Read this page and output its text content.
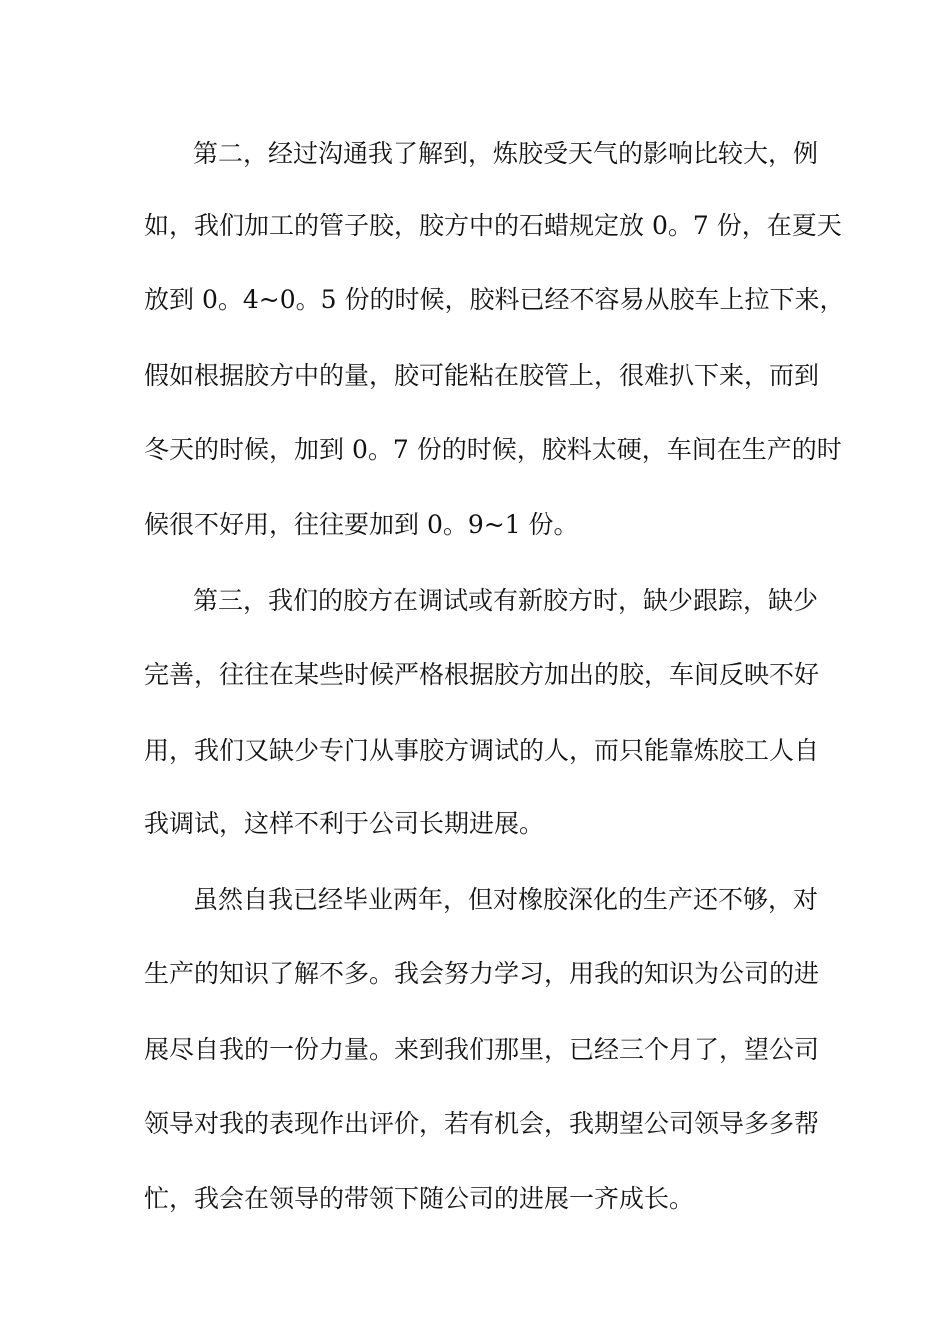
第二，经过沟通我了解到，炼胶受天气的影响比较大，例
如，我们加工的管子胶，胶方中的石蜡规定放 0。7 份，在夏天
放到 0。4~0。5 份的时候，胶料已经不容易从胶车上拉下来，
假如根据胶方中的量，胶可能粘在胶管上，很难扒下来，而到
冬天的时候，加到 0。7 份的时候，胶料太硬，车间在生产的时
候很不好用，往往要加到 0。9~1 份。
第三，我们的胶方在调试或有新胶方时，缺少跟踪，缺少
完善，往往在某些时候严格根据胶方加出的胶，车间反映不好
用，我们又缺少专门从事胶方调试的人，而只能靠炼胶工人自
我调试，这样不利于公司长期进展。
虽然自我已经毕业两年，但对橡胶深化的生产还不够，对
生产的知识了解不多。我会努力学习，用我的知识为公司的进
展尽自我的一份力量。来到我们那里，已经三个月了，望公司
领导对我的表现作出评价，若有机会，我期望公司领导多多帮
忙，我会在领导的带领下随公司的进展一齐成长。
